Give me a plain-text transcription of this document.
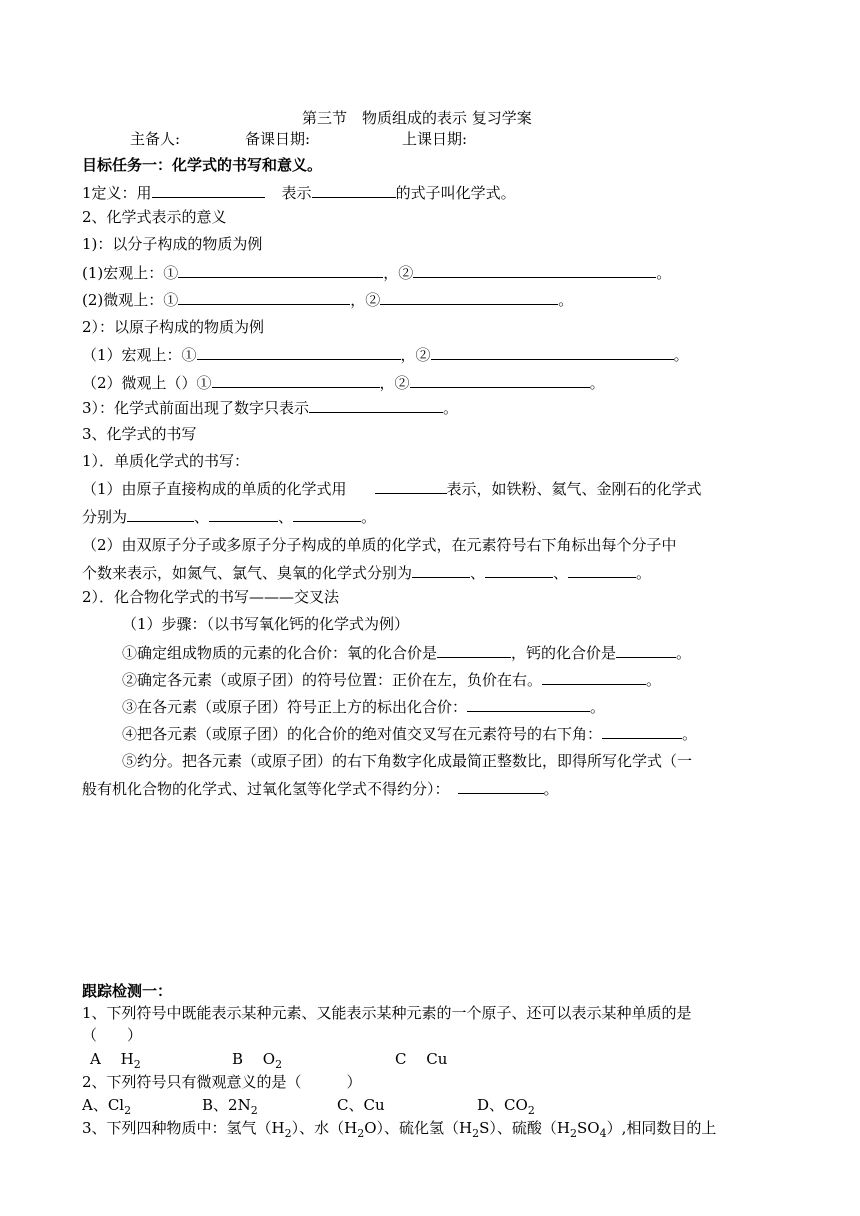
第三节　物质组成的表示 复习学案
主备人:	备课日期:	上课日期:
目标任务一：化学式的书写和意义。
1定义：用	表示	的式子叫化学式。
2、化学式表示的意义
1)：以分子构成的物质为例
(1)宏观上：①	，②	。
(2)微观上：①	，②	。
2）：以原子构成的物质为例
（1）宏观上：①	，②	。
（2）微观上（）①	，②	。
3）：化学式前面出现了数字只表示	。
3、化学式的书写
1）．单质化学式的书写：
（1）由原子直接构成的单质的化学式用	表示，如铁粉、氦气、金刚石的化学式
分别为	、	、	。
（2）由双原子分子或多原子分子构成的单质的化学式，在元素符号右下角标出每个分子中
个数来表示，如氮气、氯气、臭氧的化学式分别为	、	、	。
2）．化合物化学式的书写———交叉法
（1）步骤：（以书写氧化钙的化学式为例）
①确定组成物质的元素的化合价：氧的化合价是	，钙的化合价是	。
②确定各元素（或原子团）的符号位置：正价在左，负价在右。	。
③在各元素（或原子团）符号正上方的标出化合价：	。
④把各元素（或原子团）的化合价的绝对值交叉写在元素符号的右下角：	。
⑤约分。把各元素（或原子团）的右下角数字化成最简正整数比，即得所写化学式（一
般有机化合物的化学式、过氧化氢等化学式不得约分）：	。
跟踪检测一：
1、下列符号中既能表示某种元素、又能表示某种元素的一个原子、还可以表示某种单质的是
（　　）
A　 $H_2$	B　 $O_2$	C　 Cu
2、下列符号只有微观意义的是（　　　）
A、$Cl_2$	B、$2N_2$	C、Cu	D、$CO_2$
3、下列四种物质中：氢气$(H_2)$、水$(H_2O)$、硫化氢$(H_2S)$、硫酸$(H_2SO_4)$,相同数目的上
